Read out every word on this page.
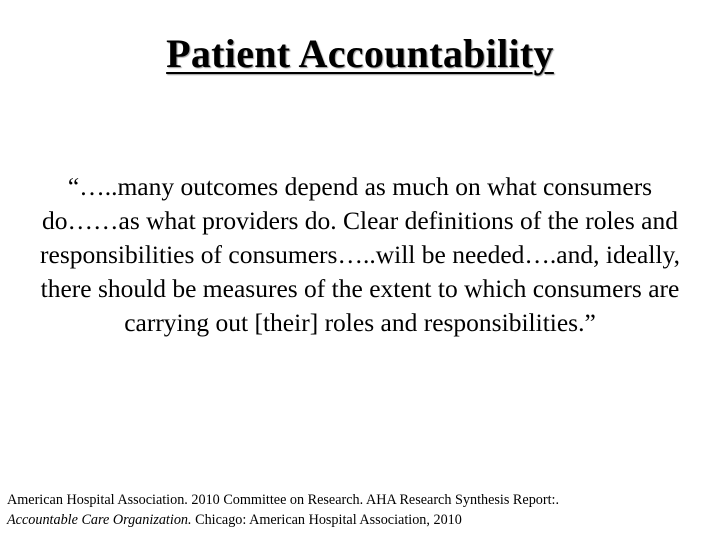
Patient Accountability
“…..many outcomes depend as much on what consumers
do……as what providers do. Clear definitions of the roles and
responsibilities of consumers…..will be needed….and, ideally,
there should be measures of the extent to which consumers are
carrying out [their] roles and responsibilities.”
American Hospital Association. 2010 Committee on Research. AHA Research Synthesis Report:.
Accountable Care Organization. Chicago: American Hospital Association, 2010
